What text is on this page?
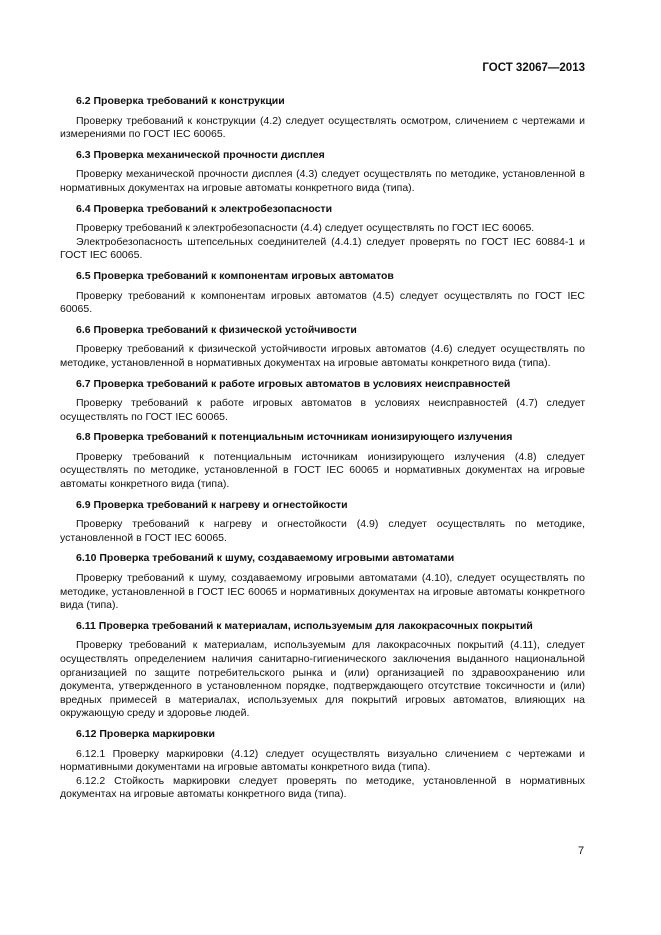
ГОСТ 32067—2013
6.2 Проверка требований к конструкции

Проверку требований к конструкции (4.2) следует осуществлять осмотром, сличением с чертежами и измерениями по ГОСТ IEC 60065.

6.3 Проверка механической прочности дисплея

Проверку механической прочности дисплея (4.3) следует осуществлять по методике, установленной в нормативных документах на игровые автоматы конкретного вида (типа).

6.4 Проверка требований к электробезопасности

Проверку требований к электробезопасности (4.4) следует осуществлять по ГОСТ IEC 60065.

Электробезопасность штепсельных соединителей (4.4.1) следует проверять по ГОСТ IEC 60884-1 и ГОСТ IEC 60065.

6.5 Проверка требований к компонентам игровых автоматов

Проверку требований к компонентам игровых автоматов (4.5) следует осуществлять по ГОСТ IEC 60065.

6.6 Проверка требований к физической устойчивости

Проверку требований к физической устойчивости игровых автоматов (4.6) следует осуществлять по методике, установленной в нормативных документах на игровые автоматы конкретного вида (типа).

6.7 Проверка требований к работе игровых автоматов в условиях неисправностей

Проверку требований к работе игровых автоматов в условиях неисправностей (4.7) следует осуществлять по ГОСТ IEC 60065.

6.8 Проверка требований к потенциальным источникам ионизирующего излучения

Проверку требований к потенциальным источникам ионизирующего излучения (4.8) следует осуществлять по методике, установленной в ГОСТ IEC 60065 и нормативных документах на игровые автоматы конкретного вида (типа).

6.9 Проверка требований к нагреву и огнестойкости

Проверку требований к нагреву и огнестойкости (4.9) следует осуществлять по методике, установленной в ГОСТ IEC 60065.

6.10 Проверка требований к шуму, создаваемому игровыми автоматами

Проверку требований к шуму, создаваемому игровыми автоматами (4.10), следует осуществлять по методике, установленной в ГОСТ IEC 60065 и нормативных документах на игровые автоматы конкретного вида (типа).

6.11 Проверка требований к материалам, используемым для лакокрасочных покрытий

Проверку требований к материалам, используемым для лакокрасочных покрытий (4.11), следует осуществлять определением наличия санитарно-гигиенического заключения выданного национальной организацией по защите потребительского рынка и (или) организацией по здравоохранению или документа, утвержденного в установленном порядке, подтверждающего отсутствие токсичности и (или) вредных примесей в материалах, используемых для покрытий игровых автоматов, влияющих на окружающую среду и здоровье людей.

6.12 Проверка маркировки

6.12.1 Проверку маркировки (4.12) следует осуществлять визуально сличением с чертежами и нормативными документами на игровые автоматы конкретного вида (типа).

6.12.2 Стойкость маркировки следует проверять по методике, установленной в нормативных документах на игровые автоматы конкретного вида (типа).

7
